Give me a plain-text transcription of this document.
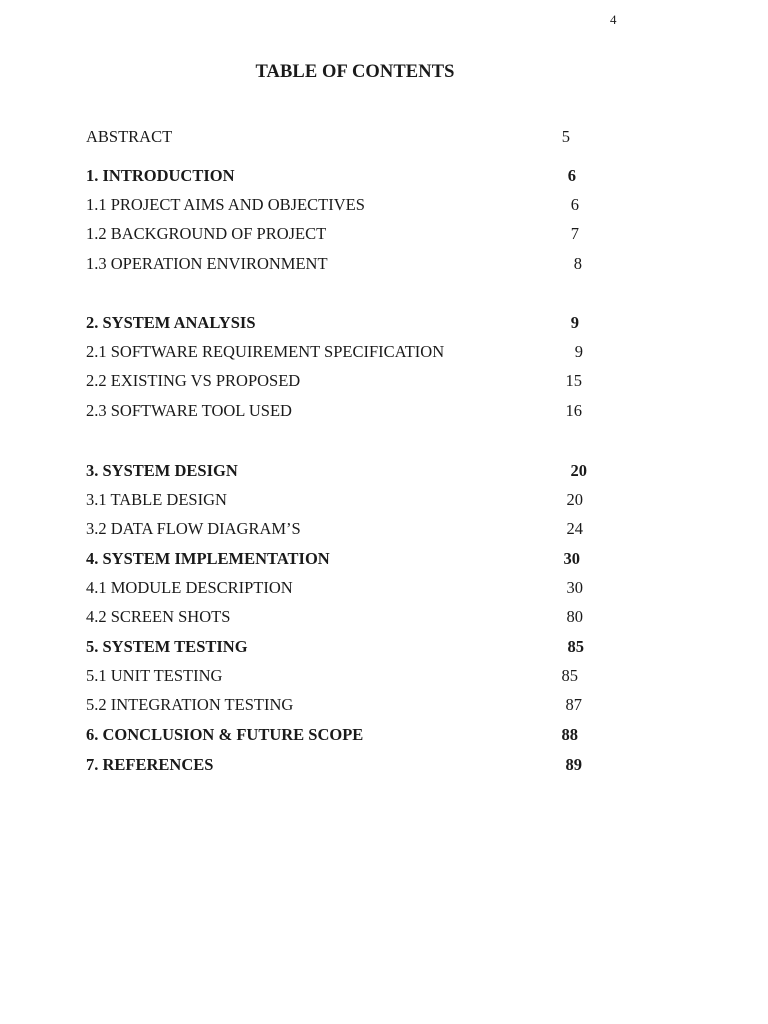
4
TABLE OF CONTENTS
ABSTRACT	5
1. INTRODUCTION	6
1.1 PROJECT AIMS AND OBJECTIVES	6
1.2 BACKGROUND OF PROJECT	7
1.3 OPERATION ENVIRONMENT	8
2. SYSTEM ANALYSIS	9
2.1 SOFTWARE REQUIREMENT SPECIFICATION	9
2.2 EXISTING VS PROPOSED	15
2.3 SOFTWARE TOOL USED	16
3. SYSTEM DESIGN	20
3.1 TABLE DESIGN	20
3.2 DATA FLOW DIAGRAM’S	24
4. SYSTEM IMPLEMENTATION	30
4.1 MODULE DESCRIPTION	30
4.2 SCREEN SHOTS	80
5. SYSTEM TESTING	85
5.1 UNIT TESTING	85
5.2 INTEGRATION TESTING	87
6. CONCLUSION & FUTURE SCOPE	88
7. REFERENCES	89
